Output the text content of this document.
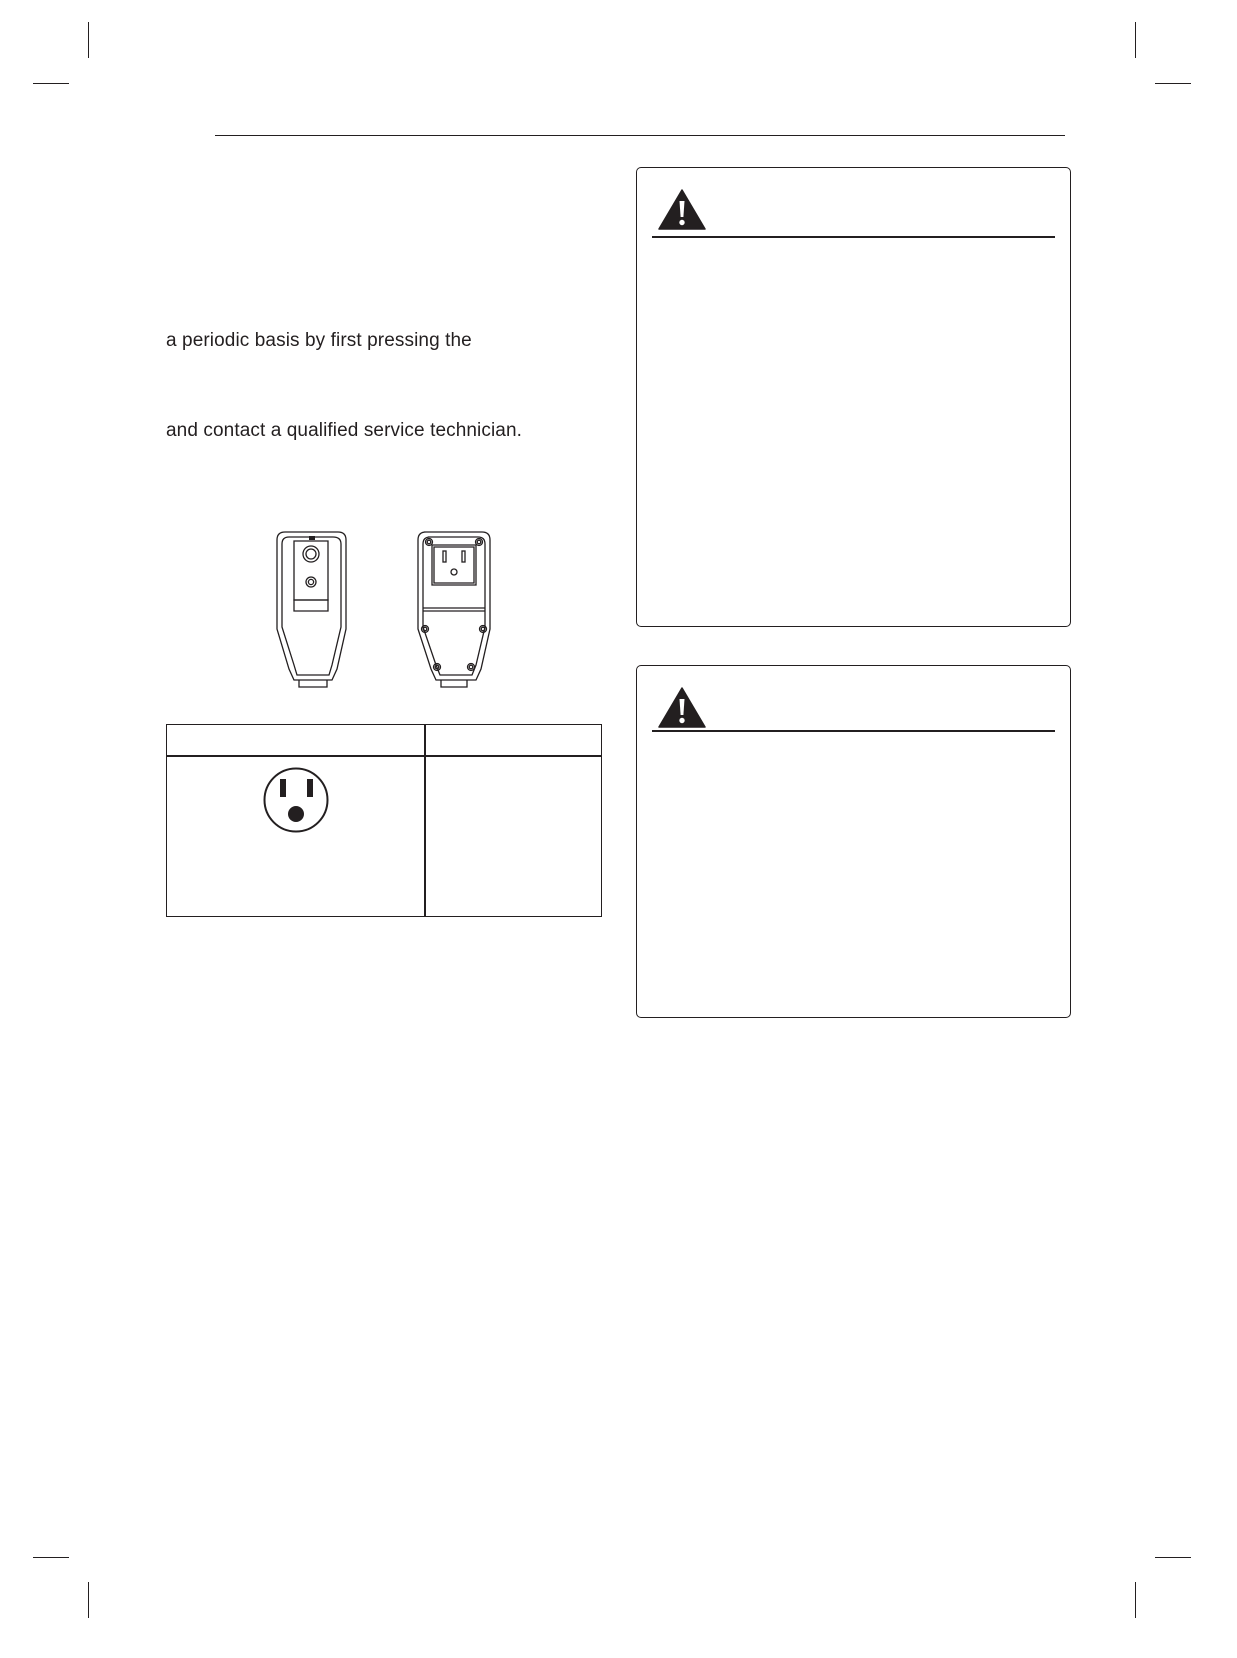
a periodic basis by first pressing the
and contact a qualified service technician.
